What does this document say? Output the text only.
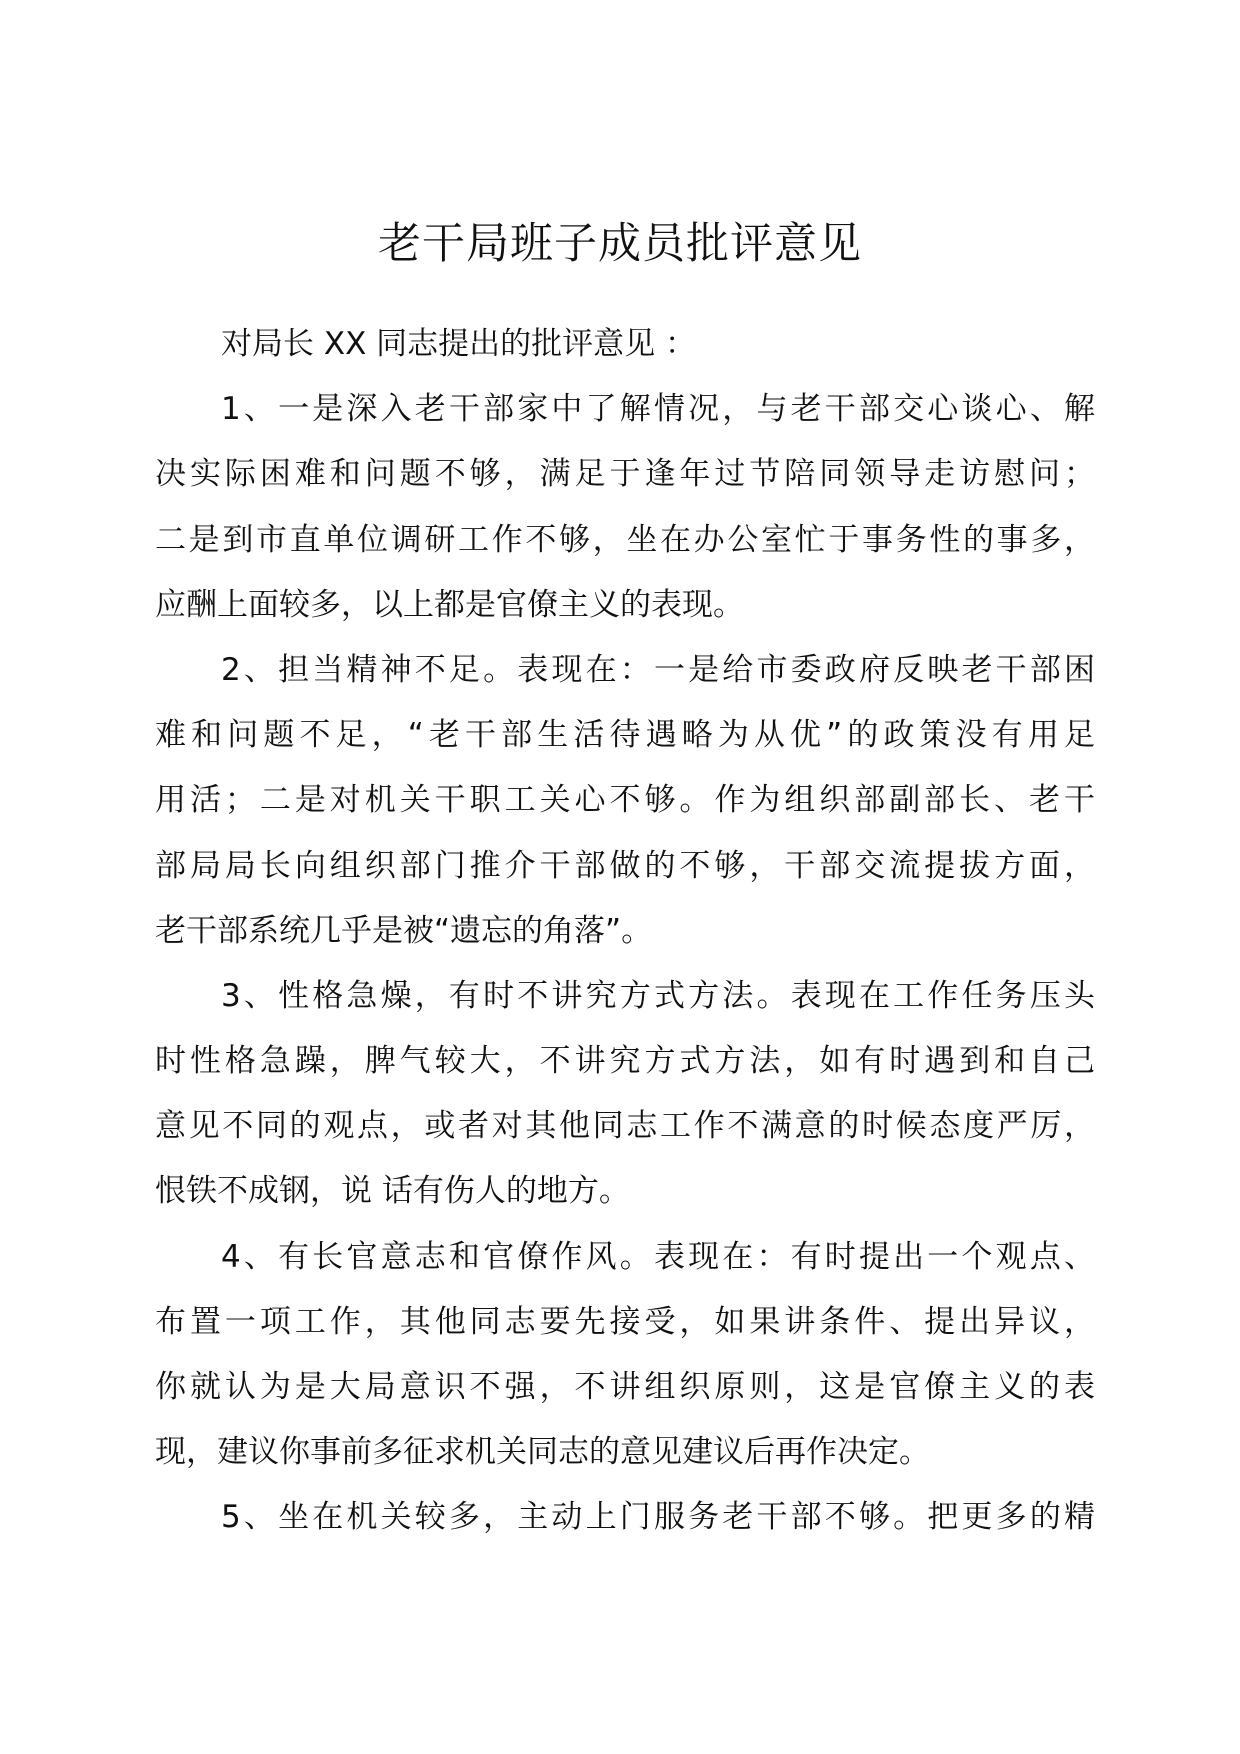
老干局班子成员批评意见
对局长 XX 同志提出的批评意见 ：
1、一是深入老干部家中了解情况，与老干部交心谈心、解
决实际困难和问题不够，满足于逢年过节陪同领导走访慰问；
二是到市直单位调研工作不够，坐在办公室忙于事务性的事多，
应酬上面较多，以上都是官僚主义的表现。
2、担当精神不足。表现在：一是给市委政府反映老干部困
难和问题不足，“老干部生活待遇略为从优”的政策没有用足
用活；二是对机关干职工关心不够。作为组织部副部长、老干
部局局长向组织部门推介干部做的不够，干部交流提拔方面，
老干部系统几乎是被“遗忘的角落”。
3、性格急燥，有时不讲究方式方法。表现在工作任务压头
时性格急躁，脾气较大，不讲究方式方法，如有时遇到和自己
意见不同的观点，或者对其他同志工作不满意的时候态度严厉，
恨铁不成钢，说 话有伤人的地方。
4、有长官意志和官僚作风。表现在：有时提出一个观点、
布置一项工作，其他同志要先接受，如果讲条件、提出异议，
你就认为是大局意识不强，不讲组织原则，这是官僚主义的表
现，建议你事前多征求机关同志的意见建议后再作决定。
5、坐在机关较多，主动上门服务老干部不够。把更多的精
